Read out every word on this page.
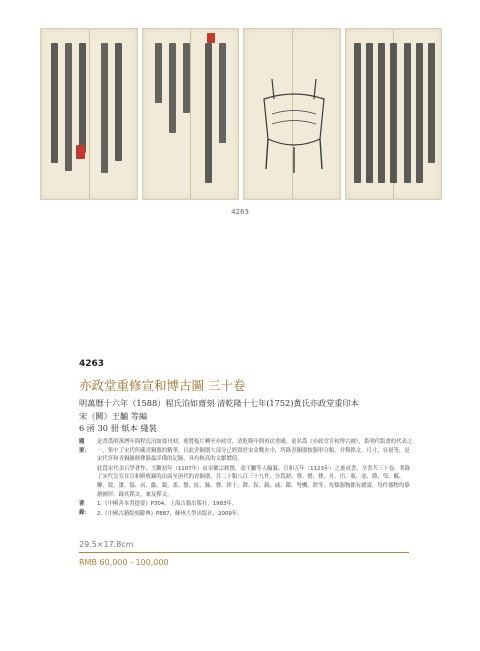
4263
4263
亦政堂重修宣和博古圖 三十卷
明萬曆十六年（1588）程氏泊如齋刻 清乾隆十七年(1752)黃氏亦政堂重印本
宋（闕）王黼 等編
6 函 30 冊 紙本 綫裝
題 要：

是書爲明萬曆年間程氏泊如齋刊刻，後將板片轉至亦政堂，清乾隆年間再次重刷，更名爲《亦政堂宣和博古圖》，系明代版畫的代表之一，集中了宋代所藏青銅器的精華，且此青銅器大部分已經毀於宋金戰火中，所錄青銅器按器形分類，并釋銘文，尺寸、容量等，是宋代宮和青銅鐘鼎彝器最詳備的記錄，具有較高的文獻價值。

此爲宋代金石學著作，大觀初年（1107年）由宋徽宗敕撰，命王黼等人編纂，宣和五年（1123年）之後成書，全書共三十卷，著錄了宋代皇室在宣和殿收藏的由商至唐代的青銅器，共二十類八百三十九件，分爲鼎、尊、罍、彝、舟、卣、瓶、壺、爵、斝、觚、觶、敦、簠、簋、鬲、甗、鍑、盉、盤、匜、鐘、磬、錞于、鐸、鉦、鐃、戚、鑑、弩機、鐙等，每類器物都有總說，每件器物均摹繪圖形，錄其銘文，兼及釋文。

著 錄：

1.《中國善本書提要》P304，上海古籍出版社，1983年。

2.《中國古籍版刻辭典》P887，蘇州大學出版社，2009年。

29.5×17.8cm
RMB 60,000 - 100,000
